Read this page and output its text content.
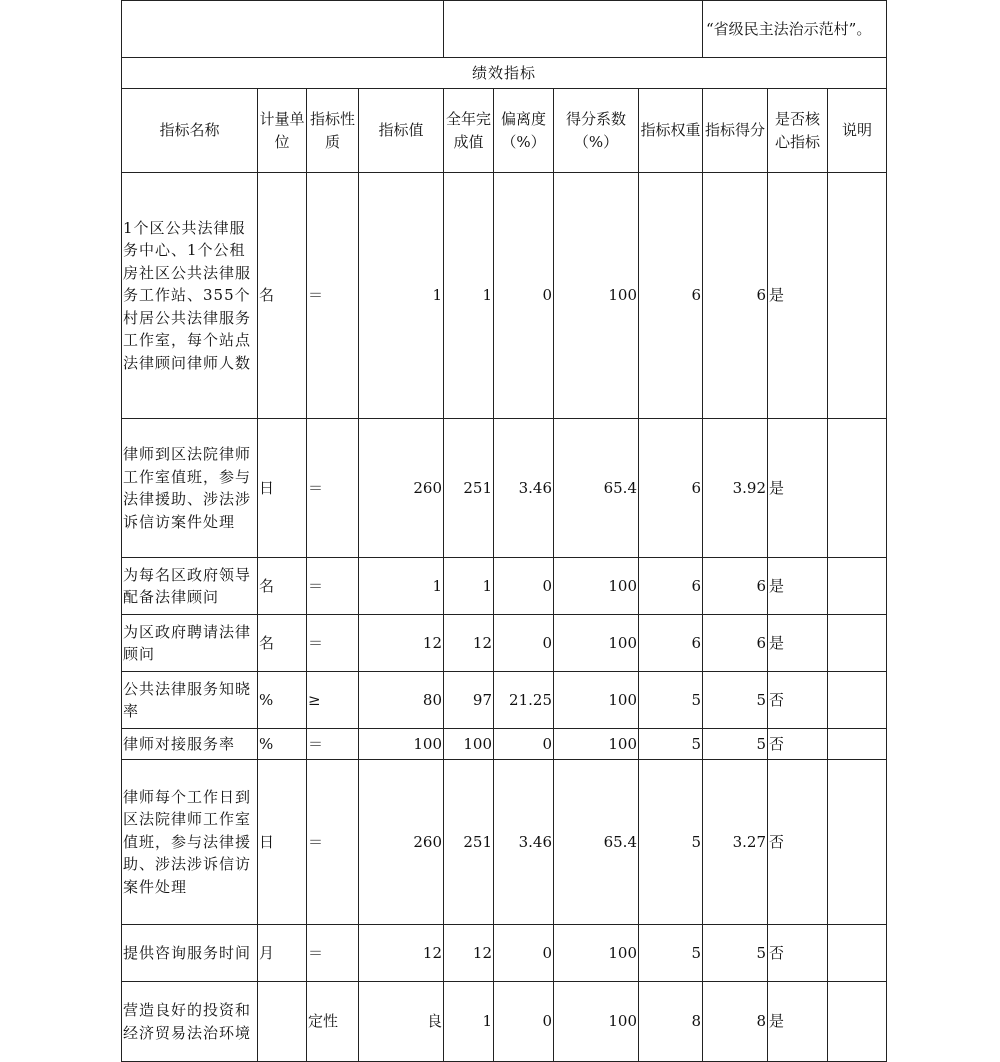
								“省级民主法治示范村”。		

绩效指标										
指标名称	计量单位	指标性质	指标值	全年完成值	偏离度（%）	得分系数（%）	指标权重	指标得分	是否核心指标	说明
1个区公共法律服务中心、1个公租房社区公共法律服务工作站、355个村居公共法律服务工作室，每个站点法律顾问律师人数	名	＝	1	1	0	100	6	6	是	
律师到区法院律师工作室值班，参与法律援助、涉法涉诉信访案件处理	日	＝	260	251	3.46	65.4	6	3.92	是	
为每名区政府领导配备法律顾问	名	＝	1	1	0	100	6	6	是	
为区政府聘请法律顾问	名	＝	12	12	0	100	6	6	是	
公共法律服务知晓率	%	≥	80	97	21.25	100	5	5	否	
律师对接服务率	%	＝	100	100	0	100	5	5	否	
律师每个工作日到区法院律师工作室值班，参与法律援助、涉法涉诉信访案件处理	日	＝	260	251	3.46	65.4	5	3.27	否	
提供咨询服务时间	月	＝	12	12	0	100	5	5	否	
营造良好的投资和经济贸易法治环境		定性	良	1	0	100	8	8	是	
